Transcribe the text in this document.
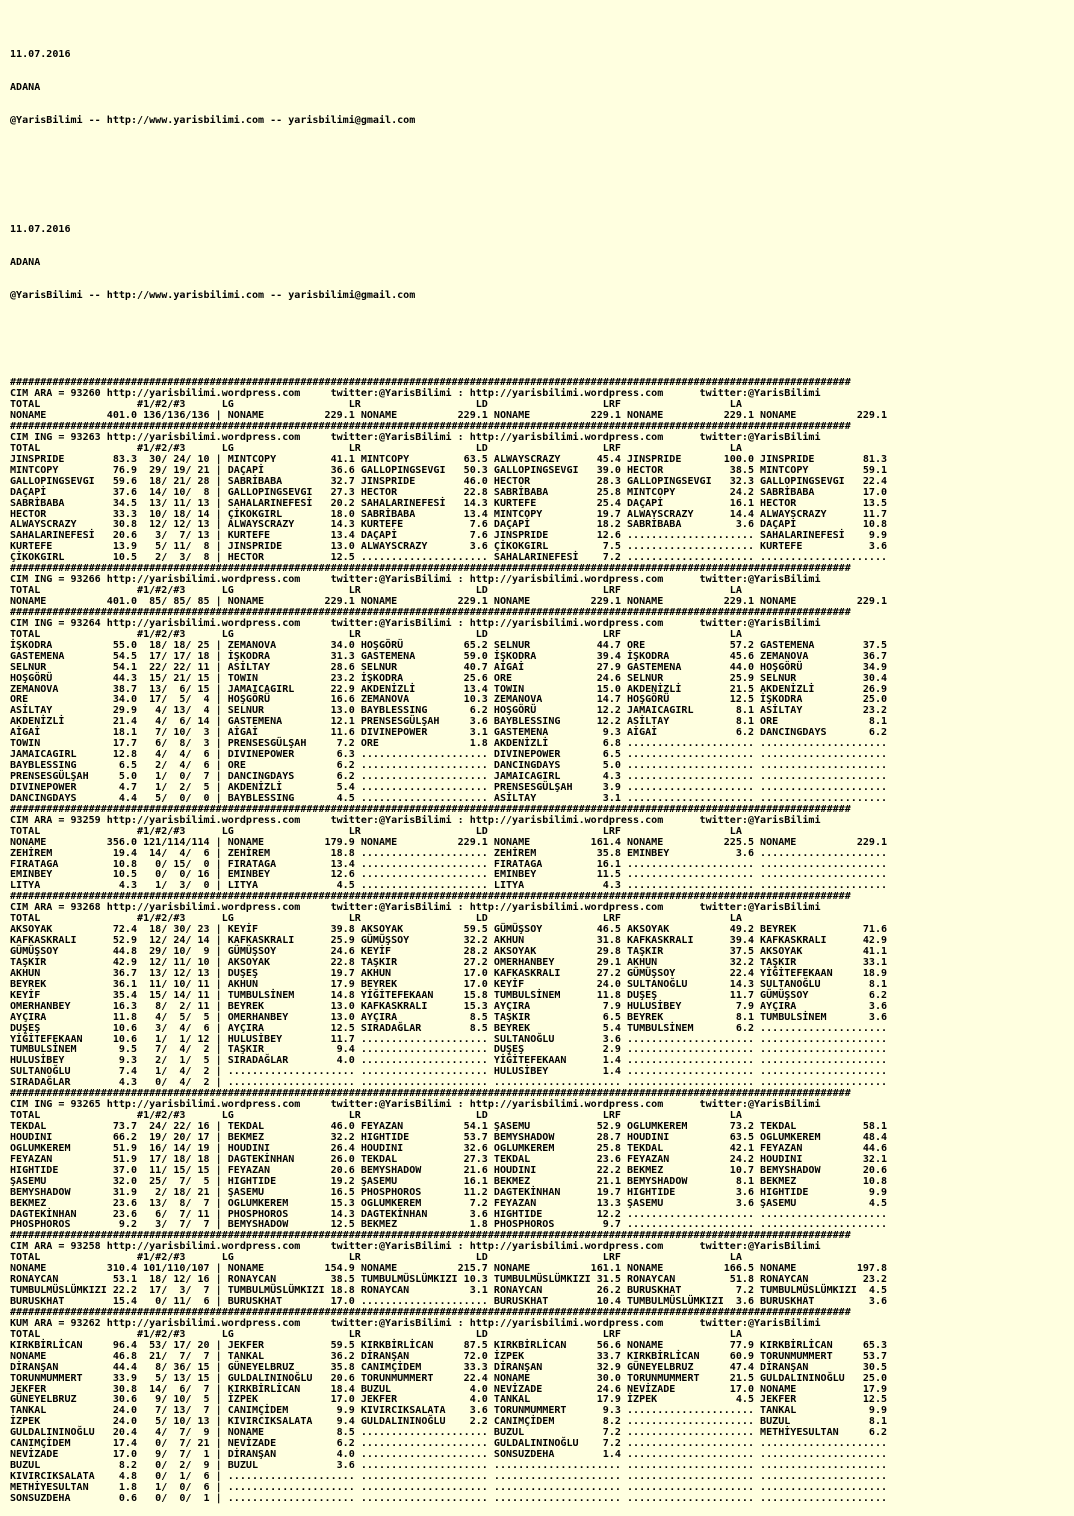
11.07.2016

ADANA

@YarisBilimi -- http://www.yarisbilimi.com -- yarisbilimi@gmail.com

11.07.2016

ADANA

@YarisBilimi -- http://www.yarisbilimi.com -- yarisbilimi@gmail.com

###########################################################################################################################################
CIM ARA = 93260 http://yarisbilimi.wordpress.com     twitter:@YarisBilimi : http://yarisbilimi.wordpress.com      twitter:@YarisBilimi
TOTAL                #1/#2/#3      LG                   LR                   LD                   LRF                  LA
NONAME          401.0 136/136/136 | NONAME          229.1 NONAME          229.1 NONAME          229.1 NONAME          229.1 NONAME          229.1
###########################################################################################################################################
CIM ING = 93263 http://yarisbilimi.wordpress.com     twitter:@YarisBilimi : http://yarisbilimi.wordpress.com      twitter:@YarisBilimi
TOTAL                #1/#2/#3      LG                   LR                   LD                   LRF                  LA
JINSPRIDE        83.3  30/ 24/ 10 | MINTCOPY         41.1 MINTCOPY         63.5 ALWAYSCRAZY      45.4 JINSPRIDE       100.0 JINSPRIDE        81.3
MINTCOPY         76.9  29/ 19/ 21 | DAÇAPİ           36.6 GALLOPINGSEVGI   50.3 GALLOPINGSEVGI   39.0 HECTOR           38.5 MINTCOPY         59.1
GALLOPINGSEVGI   59.6  18/ 21/ 28 | SABRİBABA        32.7 JINSPRIDE        46.0 HECTOR           28.3 GALLOPINGSEVGI   32.3 GALLOPINGSEVGI   22.4
DAÇAPİ           37.6  14/ 10/  8 | GALLOPINGSEVGI   27.3 HECTOR           22.8 SABRİBABA        25.8 MINTCOPY         24.2 SABRİBABA        17.0
SABRİBABA        34.5  13/ 11/ 13 | SAHALARINEFESİ   20.2 SAHALARINEFESİ   14.3 KURTEFE          25.4 DAÇAPİ           16.1 HECTOR           13.5
HECTOR           33.3  10/ 18/ 14 | ÇİKOKGIRL        18.0 SABRİBABA        13.4 MINTCOPY         19.7 ALWAYSCRAZY      14.4 ALWAYSCRAZY      11.7
ALWAYSCRAZY      30.8  12/ 12/ 13 | ALWAYSCRAZY      14.3 KURTEFE           7.6 DAÇAPİ           18.2 SABRİBABA         3.6 DAÇAPİ           10.8
SAHALARINEFESİ   20.6   3/  7/ 13 | KURTEFE          13.4 DAÇAPİ            7.6 JINSPRIDE        12.6 ..................... SAHALARINEFESİ    9.9
KURTEFE          13.9   5/ 11/  8 | JINSPRIDE        13.0 ALWAYSCRAZY       3.6 ÇİKOKGIRL         7.5 ..................... KURTEFE           3.6
ÇİKOKGIRL        10.5   2/  3/  8 | HECTOR           12.5 ..................... SAHALARINEFESİ    7.2 ..................... .....................
###########################################################################################################################################
CIM ING = 93266 http://yarisbilimi.wordpress.com     twitter:@YarisBilimi : http://yarisbilimi.wordpress.com      twitter:@YarisBilimi
TOTAL                #1/#2/#3      LG                   LR                   LD                   LRF                  LA
NONAME          401.0  85/ 85/ 85 | NONAME          229.1 NONAME          229.1 NONAME          229.1 NONAME          229.1 NONAME          229.1
###########################################################################################################################################
CIM ING = 93264 http://yarisbilimi.wordpress.com     twitter:@YarisBilimi : http://yarisbilimi.wordpress.com      twitter:@YarisBilimi
TOTAL                #1/#2/#3      LG                   LR                   LD                   LRF                  LA
İŞKODRA          55.0  18/ 18/ 25 | ZEMANOVA         34.0 HOŞGÖRÜ          65.2 SELNUR           44.7 ORE              57.2 GASTEMENA        37.5
GASTEMENA        54.5  17/ 17/ 18 | İŞKODRA          31.3 GASTEMENA        59.0 İŞKODRA          39.4 İŞKODRA          45.6 ZEMANOVA         36.7
SELNUR           54.1  22/ 22/ 11 | ASİLTAY          28.6 SELNUR           40.7 AİGAİ            27.9 GASTEMENA        44.0 HOŞGÖRÜ          34.9
HOŞGÖRÜ          44.3  15/ 21/ 15 | TOWIN            23.2 İŞKODRA          25.6 ORE              24.6 SELNUR           25.9 SELNUR           30.4
ZEMANOVA         38.7  13/  6/ 15 | JAMAICAGIRL      22.9 AKDENİZLİ        13.4 TOWIN            15.0 AKDENİZLİ        21.5 AKDENİZLİ        26.9
ORE              34.0  17/  5/  4 | HOŞGÖRÜ          16.6 ZEMANOVA         10.3 ZEMANOVA         14.7 HOŞGÖRÜ          12.5 İŞKODRA          25.0
ASİLTAY          29.9   4/ 13/  4 | SELNUR           13.0 BAYBLESSING       6.2 HOŞGÖRÜ          12.2 JAMAICAGIRL       8.1 ASİLTAY          23.2
AKDENİZLİ        21.4   4/  6/ 14 | GASTEMENA        12.1 PRENSESGÜLŞAH     3.6 BAYBLESSING      12.2 ASİLTAY           8.1 ORE               8.1
AİGAİ            18.1   7/ 10/  3 | AİGAİ            11.6 DIVINEPOWER       3.1 GASTEMENA         9.3 AİGAİ             6.2 DANCINGDAYS       6.2
TOWIN            17.7   6/  8/  3 | PRENSESGÜLŞAH     7.2 ORE               1.8 AKDENİZLİ         6.8 ..................... .....................
JAMAICAGIRL      12.8   4/  4/  6 | DIVINEPOWER       6.3 ..................... DIVINEPOWER       6.5 ..................... .....................
BAYBLESSING       6.5   2/  4/  6 | ORE               6.2 ..................... DANCINGDAYS       5.0 ..................... .....................
PRENSESGÜLŞAH     5.0   1/  0/  7 | DANCINGDAYS       6.2 ..................... JAMAICAGIRL       4.3 ..................... .....................
DIVINEPOWER       4.7   1/  2/  5 | AKDENİZLİ         5.4 ..................... PRENSESGÜLŞAH     3.9 ..................... .....................
DANCINGDAYS       4.4   5/  0/  0 | BAYBLESSING       4.5 ..................... ASİLTAY           3.1 ..................... .....................
###########################################################################################################################################
CIM ARA = 93259 http://yarisbilimi.wordpress.com     twitter:@YarisBilimi : http://yarisbilimi.wordpress.com      twitter:@YarisBilimi
TOTAL                #1/#2/#3      LG                   LR                   LD                   LRF                  LA
NONAME          356.0 121/114/114 | NONAME          179.9 NONAME          229.1 NONAME          161.4 NONAME          225.5 NONAME          229.1
ZEHİREM          19.4  14/  4/  6 | ZEHİREM          18.8 ..................... ZEHİREM          35.8 EMINBEY           3.6 .....................
FIRATAGA         10.8   0/ 15/  0 | FIRATAGA         13.4 ..................... FIRATAGA         16.1 ..................... .....................
EMINBEY          10.5   0/  0/ 16 | EMINBEY          12.6 ..................... EMINBEY          11.5 ..................... .....................
LITYA             4.3   1/  3/  0 | LITYA             4.5 ..................... LITYA             4.3 ..................... .....................
###########################################################################################################################################
CIM ARA = 93268 http://yarisbilimi.wordpress.com     twitter:@YarisBilimi : http://yarisbilimi.wordpress.com      twitter:@YarisBilimi
TOTAL                #1/#2/#3      LG                   LR                   LD                   LRF                  LA
AKSOYAK          72.4  18/ 30/ 23 | KEYİF            39.8 AKSOYAK          59.5 GÜMÜŞSOY         46.5 AKSOYAK          49.2 BEYREK           71.6
KAFKASKRALI      52.9  12/ 24/ 14 | KAFKASKRALI      25.9 GÜMÜŞSOY         32.2 AKHUN            31.8 KAFKASKRALI      39.4 KAFKASKRALI      42.9
GÜMÜŞSOY         44.8  29/ 10/  9 | GÜMÜŞSOY         24.6 KEYİF            28.2 AKSOYAK          29.8 TAŞKIR           37.5 AKSOYAK          41.1
TAŞKIR           42.9  12/ 11/ 10 | AKSOYAK          22.8 TAŞKIR           27.2 OMERHANBEY       29.1 AKHUN            32.2 TAŞKIR           33.1
AKHUN            36.7  13/ 12/ 13 | DUŞEŞ            19.7 AKHUN            17.0 KAFKASKRALI      27.2 GÜMÜŞSOY         22.4 YİĞİTEFEKAAN     18.9
BEYREK           36.1  11/ 10/ 11 | AKHUN            17.9 BEYREK           17.0 KEYİF            24.0 SULTANOĞLU       14.3 SULTANOĞLU        8.1
KEYİF            35.4  15/ 14/ 11 | TUMBULSİNEM      14.8 YİĞİTEFEKAAN     15.8 TUMBULSİNEM      11.8 DUŞEŞ            11.7 GÜMÜŞSOY          6.2
OMERHANBEY       16.3   8/  2/ 11 | BEYREK           13.0 KAFKASKRALI      15.3 AYÇIRA            7.9 HULUSİBEY         7.9 AYÇIRA            3.6
AYÇIRA           11.8   4/  5/  5 | OMERHANBEY       13.0 AYÇIRA            8.5 TAŞKIR            6.5 BEYREK            8.1 TUMBULSİNEM       3.6
DUŞEŞ            10.6   3/  4/  6 | AYÇIRA           12.5 SIRADAĞLAR        8.5 BEYREK            5.4 TUMBULSİNEM       6.2 .....................
YİĞİTEFEKAAN     10.6   1/  1/ 12 | HULUSİBEY        11.7 ..................... SULTANOĞLU        3.6 ..................... .....................
TUMBULSİNEM       9.5   7/  4/  2 | TAŞKIR            9.4 ..................... DUŞEŞ             2.9 ..................... .....................
HULUSİBEY         9.3   2/  1/  5 | SIRADAĞLAR        4.0 ..................... YİĞİTEFEKAAN      1.4 ..................... .....................
SULTANOĞLU        7.4   1/  4/  2 | ..................... ..................... HULUSİBEY         1.4 ..................... .....................
SIRADAĞLAR        4.3   0/  4/  2 | ..................... ..................... ..................... ..................... .....................
###########################################################################################################################################
CIM ING = 93265 http://yarisbilimi.wordpress.com     twitter:@YarisBilimi : http://yarisbilimi.wordpress.com      twitter:@YarisBilimi
TOTAL                #1/#2/#3      LG                   LR                   LD                   LRF                  LA
TEKDAL           73.7  24/ 22/ 16 | TEKDAL           46.0 FEYAZAN          54.1 ŞASEMU           52.9 OGLUMKEREM       73.2 TEKDAL           58.1
HOUDINI          66.2  19/ 20/ 17 | BEKMEZ           32.2 HIGHTIDE         53.7 BEMYSHADOW       28.7 HOUDINI          63.5 OGLUMKEREM       48.4
OGLUMKEREM       51.9  16/ 14/ 19 | HOUDINI          26.4 HOUDINI          32.6 OGLUMKEREM       25.8 TEKDAL           42.1 FEYAZAN          44.6
FEYAZAN          51.9  17/ 18/ 18 | DAGTEKİNHAN      26.0 TEKDAL           27.3 TEKDAL           23.6 FEYAZAN          24.2 HOUDINI          32.1
HIGHTIDE         37.0  11/ 15/ 15 | FEYAZAN          20.6 BEMYSHADOW       21.6 HOUDINI          22.2 BEKMEZ           10.7 BEMYSHADOW       20.6
ŞASEMU           32.0  25/  7/  5 | HIGHTIDE         19.2 ŞASEMU           16.1 BEKMEZ           21.1 BEMYSHADOW        8.1 BEKMEZ           10.8
BEMYSHADOW       31.9   2/ 18/ 21 | ŞASEMU           16.5 PHOSPHOROS       11.2 DAGTEKİNHAN      19.7 HIGHTIDE          3.6 HIGHTIDE          9.9
BEKMEZ           23.6  13/  8/  7 | OGLUMKEREM       15.3 OGLUMKEREM        7.2 FEYAZAN          13.3 ŞASEMU            3.6 ŞASEMU            4.5
DAGTEKİNHAN      23.6   6/  7/ 11 | PHOSPHOROS       14.3 DAGTEKİNHAN       3.6 HIGHTIDE         12.2 ..................... .....................
PHOSPHOROS        9.2   3/  7/  7 | BEMYSHADOW       12.5 BEKMEZ            1.8 PHOSPHOROS        9.7 ..................... .....................
###########################################################################################################################################
CIM ARA = 93258 http://yarisbilimi.wordpress.com     twitter:@YarisBilimi : http://yarisbilimi.wordpress.com      twitter:@YarisBilimi
TOTAL                #1/#2/#3      LG                   LR                   LD                   LRF                  LA
NONAME          310.4 101/110/107 | NONAME          154.9 NONAME          215.7 NONAME          161.1 NONAME          166.5 NONAME          197.8
RONAYCAN         53.1  18/ 12/ 16 | RONAYCAN         38.5 TUMBULMÜSLÜMKIZI 10.3 TUMBULMÜSLÜMKIZI 31.5 RONAYCAN         51.8 RONAYCAN         23.2
TUMBULMÜSLÜMKIZI 22.2  17/  3/  7 | TUMBULMÜSLÜMKIZI 18.8 RONAYCAN          3.1 RONAYCAN         26.2 BURUSKHAT         7.2 TUMBULMÜSLÜMKIZI  4.5
BURUSKHAT        15.4   0/ 11/  6 | BURUSKHAT        17.0 ..................... BURUSKHAT        10.4 TUMBULMÜSLÜMKIZI  3.6 BURUSKHAT         3.6
###########################################################################################################################################
KUM ARA = 93262 http://yarisbilimi.wordpress.com     twitter:@YarisBilimi : http://yarisbilimi.wordpress.com      twitter:@YarisBilimi
TOTAL                #1/#2/#3      LG                   LR                   LD                   LRF                  LA
KIRKBİRLİCAN     96.4  53/ 17/ 20 | JEKFER           59.5 KIRKBİRLİCAN     87.5 KIRKBİRLİCAN     56.6 NONAME           77.9 KIRKBİRLİCAN     65.3
NONAME           46.8  21/  7/  7 | TANKAL           36.2 DİRANŞAN         72.0 İZPEK            33.7 KIRKBİRLİCAN     60.9 TORUNMUMMERT     53.7
DİRANŞAN         44.4   8/ 36/ 15 | GÜNEYELBRUZ      35.8 CANIMÇİDEM       33.3 DİRANŞAN         32.9 GÜNEYELBRUZ      47.4 DİRANŞAN         30.5
TORUNMUMMERT     33.9   5/ 13/ 15 | GULDALININOĞLU   20.6 TORUNMUMMERT     22.4 NONAME           30.0 TORUNMUMMERT     21.5 GULDALININOĞLU   25.0
JEKFER           30.8  14/  6/  7 | KIRKBİRLİCAN     18.4 BUZUL             4.0 NEVİZADE         24.6 NEVİZADE         17.0 NONAME           17.9
GÜNEYELBRUZ      30.6   9/ 10/  5 | İZPEK            17.0 JEKFER            4.0 TANKAL           17.9 İZPEK             4.5 JEKFER           12.5
TANKAL           24.0   7/ 13/  7 | CANIMÇİDEM        9.9 KIVIRCIKSALATA    3.6 TORUNMUMMERT      9.3 ..................... TANKAL            9.9
İZPEK            24.0   5/ 10/ 13 | KIVIRCIKSALATA    9.4 GULDALININOĞLU    2.2 CANIMÇİDEM        8.2 ..................... BUZUL             8.1
GULDALININOĞLU   20.4   4/  7/  9 | NONAME            8.5 ..................... BUZUL             7.2 ..................... METHİYESULTAN     6.2
CANIMÇİDEM       17.4   0/  7/ 21 | NEVİZADE          6.2 ..................... GULDALININOĞLU    7.2 ..................... .....................
NEVİZADE         17.0   9/  7/  1 | DİRANŞAN          4.0 ..................... SONSUZDEHA        1.4 ..................... .....................
BUZUL             8.2   0/  2/  9 | BUZUL             3.6 ..................... ..................... ..................... .....................
KIVIRCIKSALATA    4.8   0/  1/  6 | ..................... ..................... ..................... ..................... .....................
METHİYESULTAN     1.8   1/  0/  6 | ..................... ..................... ..................... ..................... .....................
SONSUZDEHA        0.6   0/  0/  1 | ..................... ..................... ..................... ..................... .....................
